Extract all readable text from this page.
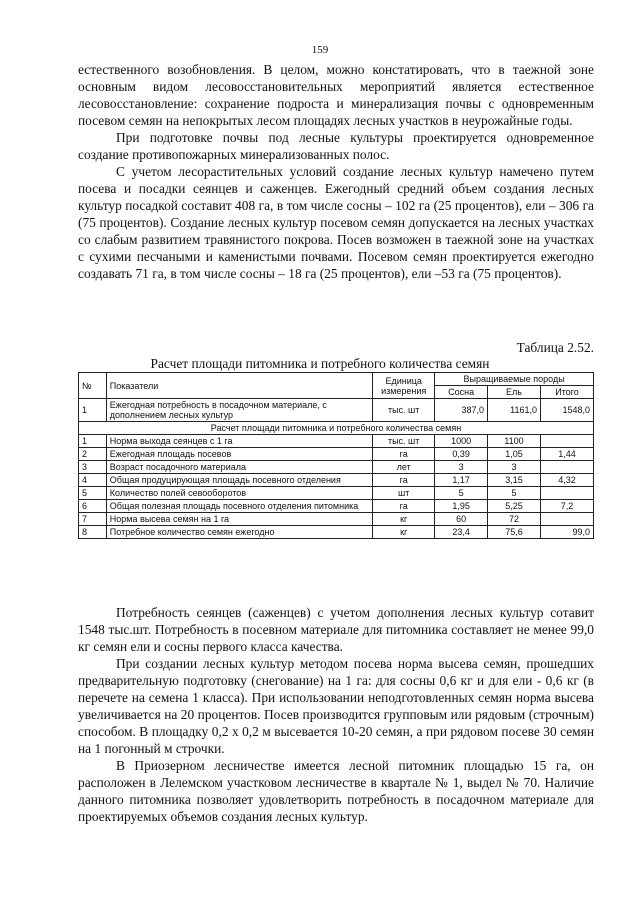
159

естественного возобновления. В целом, можно констатировать, что в таежной зоне основным видом лесовосстановительных мероприятий является естественное лесовосстановление: сохранение подроста и минерализация почвы с одновременным посевом семян на непокрытых лесом площадях лесных участков в неурожайные годы.

При подготовке почвы под лесные культуры проектируется одновременное создание противопожарных минерализованных полос.

С учетом лесорастительных условий создание лесных культур намечено путем посева и посадки сеянцев и саженцев. Ежегодный средний объем создания лесных культур посадкой составит 408 га, в том числе сосны – 102 га (25 процентов), ели – 306 га (75 процентов). Создание лесных культур посевом семян допускается на лесных участках со слабым развитием травянистого покрова. Посев возможен в таежной зоне на участках с сухими песчаными и каменистыми почвами. Посевом семян проектируется ежегодно создавать 71 га, в том числе сосны – 18 га (25 процентов), ели –53 га (75 процентов).

Таблица 2.52.
Расчет площади питомника и потребного количества семян
№	Показатели	Единица измерения	Выращиваемые породы		
			Сосна	Ель	Итого
1	Ежегодная потребность в посадочном материале, с дополнением лесных культур	тыс. шт	387,0	1161,0	1548,0
Расчет площади питомника и потребного количества семян					
1	Норма выхода сеянцев с 1 га	тыс. шт	1000	1100	
2	Ежегодная площадь посевов	га	0,39	1,05	1,44
3	Возраст посадочного материала	лет	3	3	
4	Общая продуцирующая площадь посевного отделения	га	1,17	3,15	4,32
5	Количество полей севооборотов	шт	5	5	
6	Общая полезная площадь посевного отделения питомника	га	1,95	5,25	7,2
7	Норма высева семян на 1 га	кг	60	72	
8	Потребное количество семян ежегодно	кг	23,4	75,6	99,0

Потребность сеянцев (саженцев) с учетом дополнения лесных культур сотавит 1548 тыс.шт. Потребность в посевном материале для питомника составляет не менее 99,0 кг семян ели и сосны первого класса качества.

При создании лесных культур методом посева норма высева семян, прошедших предварительную подготовку (снегование) на 1 га: для сосны 0,6 кг и для ели - 0,6 кг (в перечете на семена 1 класса). При использовании неподготовленных семян норма высева увеличивается на 20 процентов. Посев производится групповым или рядовым (строчным) способом. В площадку 0,2 х 0,2 м высевается 10-20 семян, а при рядовом посеве 30 семян на 1 погонный м строчки.

В Приозерном лесничестве имеется лесной питомник площадью 15 га, он расположен в Лелемском участковом лесничестве в квартале № 1, выдел № 70. Наличие данного питомника позволяет удовлетворить потребность в посадочном материале для проектируемых объемов создания лесных культур.
